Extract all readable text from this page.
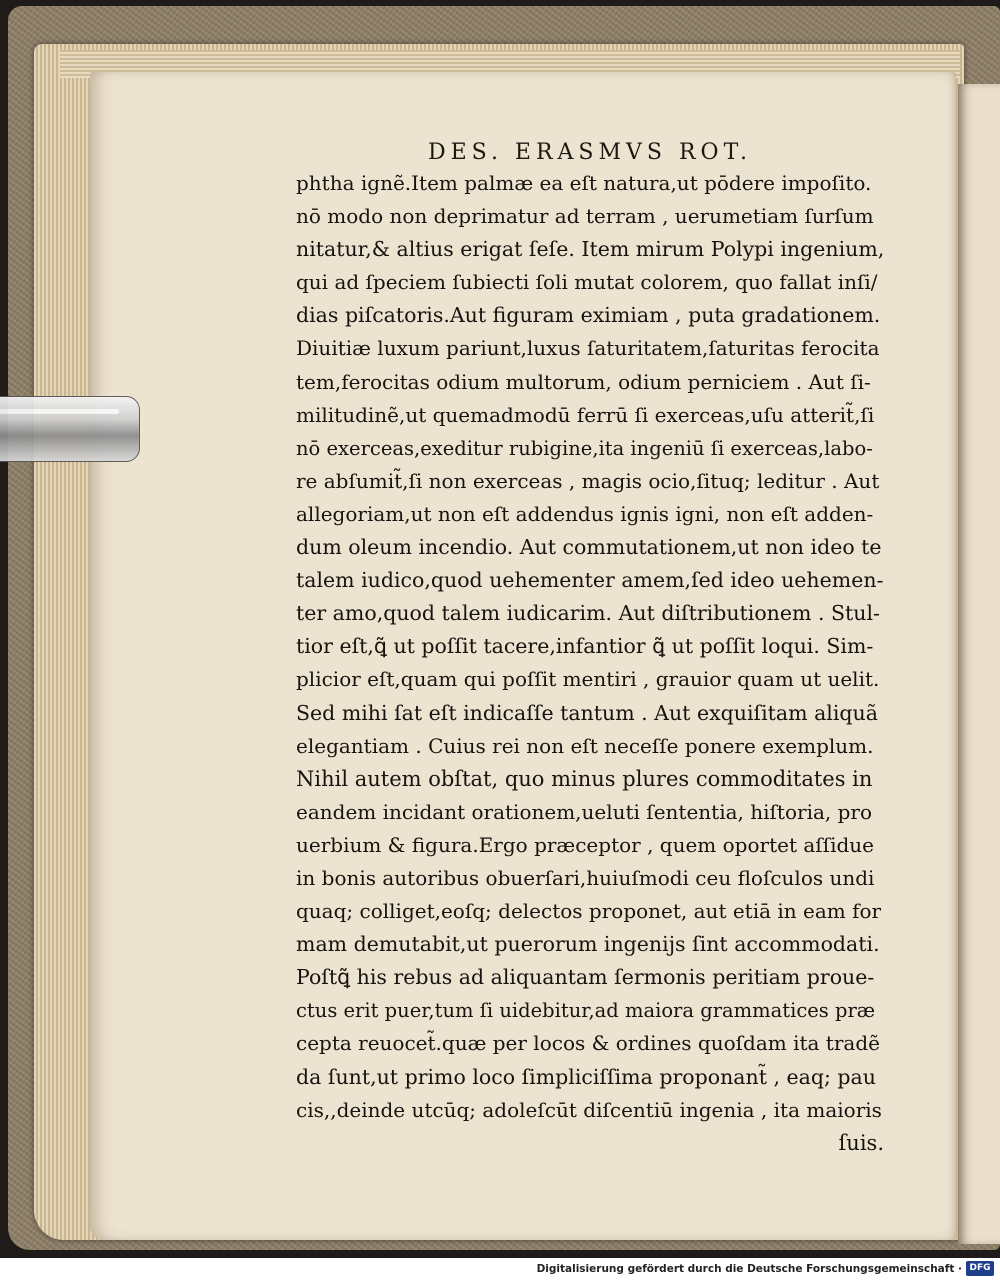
DES. ERASMVS ROT.
phtha ignẽ.Item palmæ ea eſt natura,ut pōdere impoſito.
nō modo non deprimatur ad terram , uerumetiam ſurſum
nitatur,& altius erigat ſeſe. Item mirum Polypi ingenium,
qui ad ſpeciem ſubiecti ſoli mutat colorem, quo fallat inſi/
dias piſcatoris.Aut figuram eximiam , puta gradationem.
Diuitiæ luxum pariunt,luxus ſaturitatem,ſaturitas ferocita
tem,ferocitas odium multorum, odium perniciem . Aut ſi-
militudinẽ,ut quemadmodū ferrū ſi exerceas,uſu atterit̃,ſi
nō exerceas,exeditur rubigine,ita ingeniū ſi exerceas,labo-
re abſumit̃,ſi non exerceas , magis ocio,ſituq; leditur . Aut
allegoriam,ut non eſt addendus ignis igni, non eſt adden-
dum oleum incendio. Aut commutationem,ut non ideo te
talem iudico,quod uehementer amem,ſed ideo uehemen-
ter amo,quod talem iudicarim. Aut diſtributionem . Stul-
tior eſt,ꝗ̃ ut poſſit tacere,infantior ꝗ̃ ut poſſit loqui. Sim-
plicior eſt,quam qui poſſit mentiri , grauior quam ut uelit.
Sed mihi ſat eſt indicaſſe tantum . Aut exquiſitam aliquã
elegantiam . Cuius rei non eſt neceſſe ponere exemplum.
Nihil autem obſtat, quo minus plures commoditates in
eandem incidant orationem,ueluti ſententia, hiſtoria, pro
uerbium & figura.Ergo præceptor , quem oportet aſſidue
in bonis autoribus obuerſari,huiuſmodi ceu floſculos undi
quaq; colliget,eoſq; delectos proponet, aut etiā in eam for
mam demutabit,ut puerorum ingenijs ſint accommodati.
Poſtꝗ̃ his rebus ad aliquantam ſermonis peritiam proue-
ctus erit puer,tum ſi uidebitur,ad maiora grammatices præ
cepta reuocet̃.quæ per locos & ordines quoſdam ita tradẽ
da ſunt,ut primo loco ſimpliciſſima proponant̃ , eaq; pau
cis,,deinde utcūq; adoleſcūt diſcentiū ingenia , ita maioris
ſuis.
Digitalisierung gefördert durch die Deutsche Forschungsgemeinschaft · DFG
